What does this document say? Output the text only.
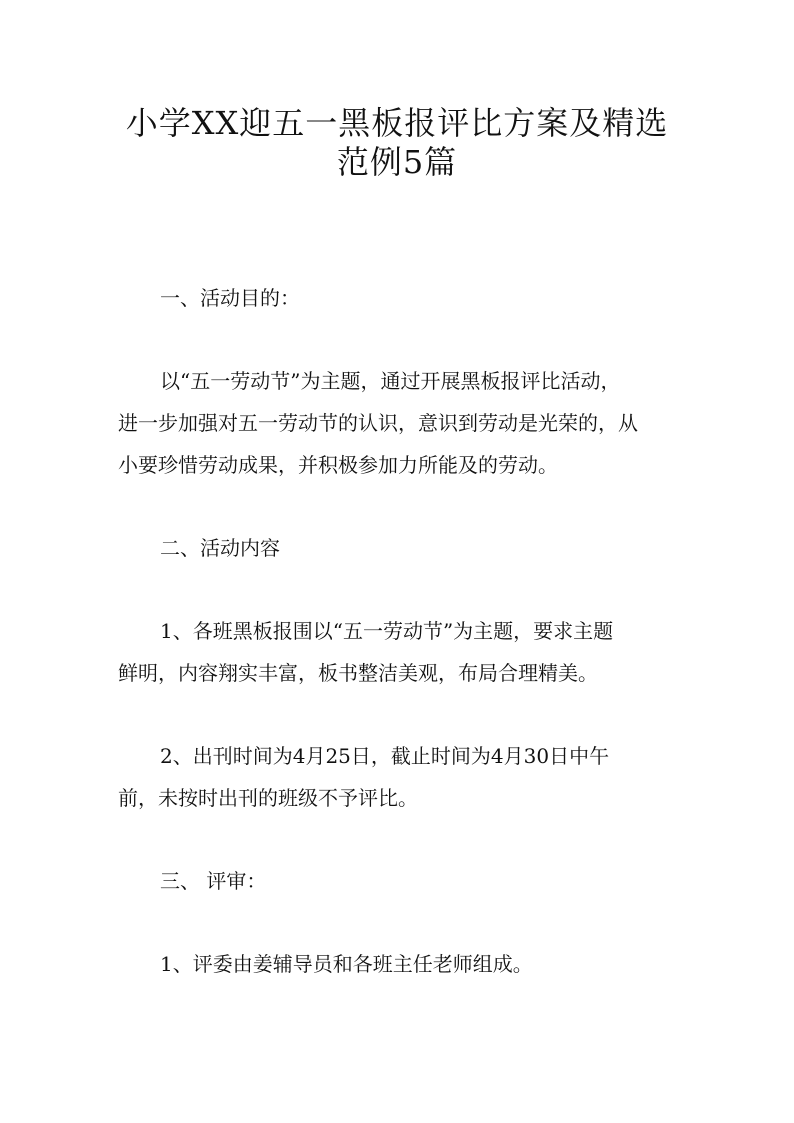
小学XX迎五一黑板报评比方案及精选
范例5篇

一、活动目的：

以“五一劳动节”为主题，通过开展黑板报评比活动，

进一步加强对五一劳动节的认识，意识到劳动是光荣的，从

小要珍惜劳动成果，并积极参加力所能及的劳动。

二、活动内容

1、各班黑板报围以“五一劳动节”为主题，要求主题

鲜明，内容翔实丰富，板书整洁美观，布局合理精美。

2、出刊时间为4月25日，截止时间为4月30日中午

前，未按时出刊的班级不予评比。

三、 评审：

1、评委由姜辅导员和各班主任老师组成。
